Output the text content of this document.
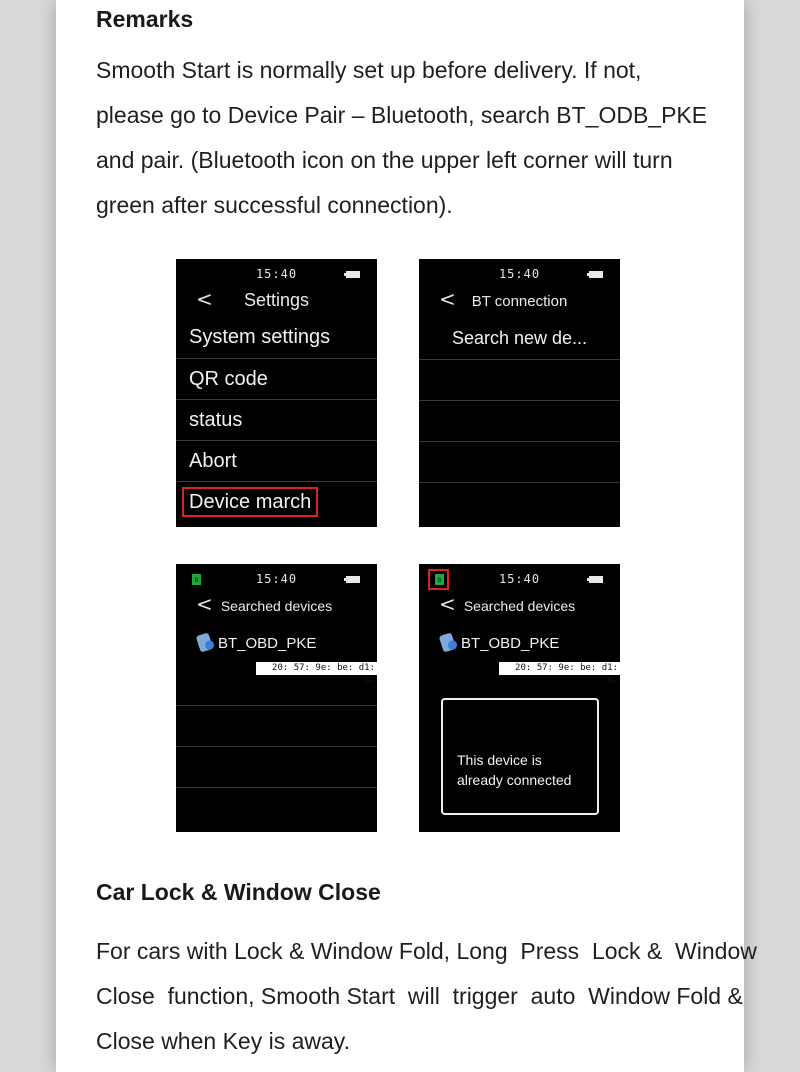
Remarks
Smooth Start is normally set up before delivery. If not,
please go to Device Pair – Bluetooth, search BT_ODB_PKE
and pair. (Bluetooth icon on the upper left corner will turn
green after successful connection).
15:40
<	Settings
System settings
QR code
status
Abort
Device march
15:40
<	BT connection
Search new de...
ʙ	15:40
< Searched devices
BT_OBD_PKE
20: 57: 9e: be: d1: 8e
ʙ	15:40
< Searched devices
BT_OBD_PKE
20: 57: 9e: be: d1: 8e
This device is
already connected
Car Lock & Window Close
For cars with Lock & Window Fold, Long  Press  Lock &  Window
Close  function, Smooth Start  will  trigger  auto  Window Fold &
Close when Key is away.
